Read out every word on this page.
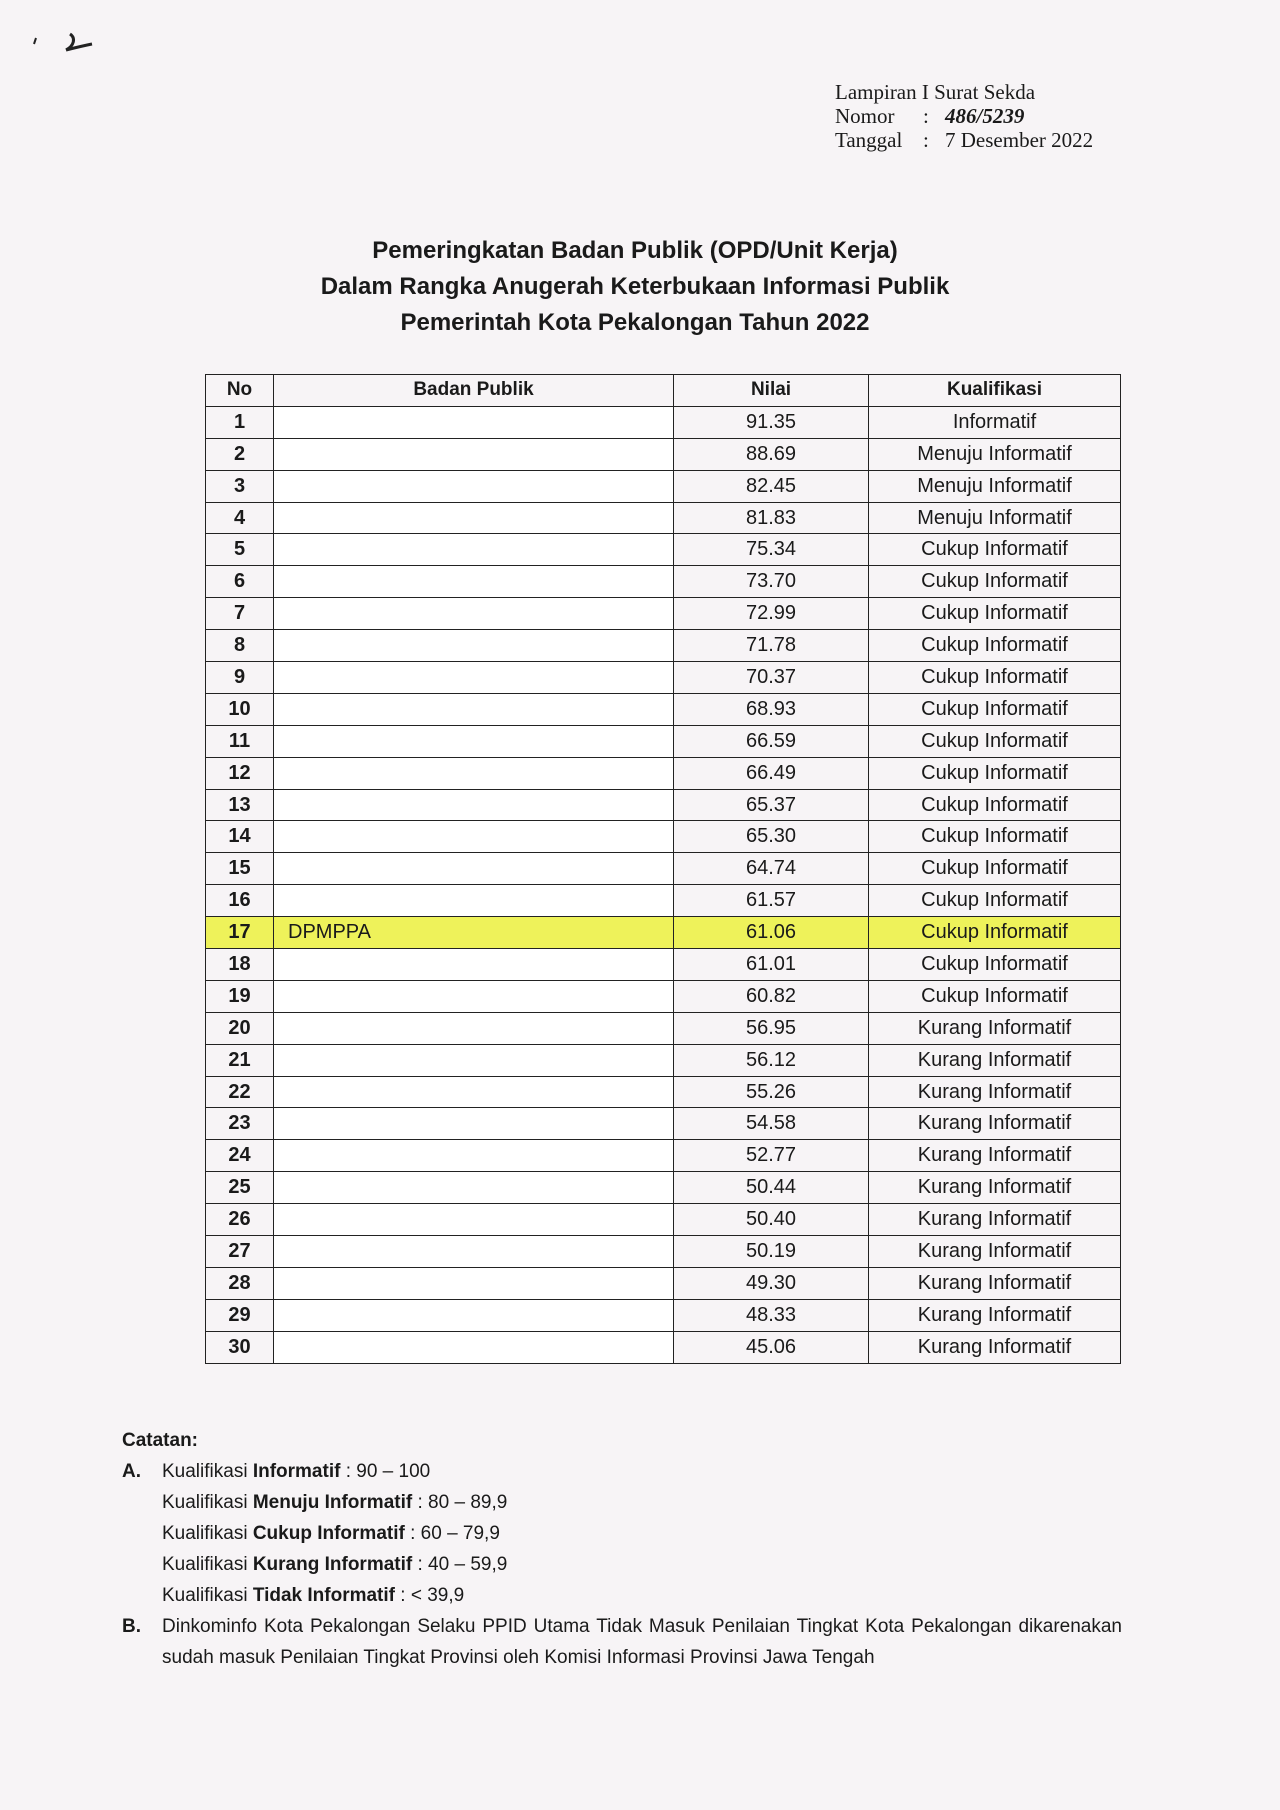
Lampiran I Surat Sekda
Nomor	: 486/5239
Tanggal : 7 Desember 2022
Pemeringkatan Badan Publik (OPD/Unit Kerja)
Dalam Rangka Anugerah Keterbukaan Informasi Publik
Pemerintah Kota Pekalongan Tahun 2022
No	Badan Publik	Nilai	Kualifikasi
1		91.35	Informatif
2		88.69	Menuju Informatif
3		82.45	Menuju Informatif
4		81.83	Menuju Informatif
5		75.34	Cukup Informatif
6		73.70	Cukup Informatif
7		72.99	Cukup Informatif
8		71.78	Cukup Informatif
9		70.37	Cukup Informatif
10		68.93	Cukup Informatif
11		66.59	Cukup Informatif
12		66.49	Cukup Informatif
13		65.37	Cukup Informatif
14		65.30	Cukup Informatif
15		64.74	Cukup Informatif
16		61.57	Cukup Informatif
17	DPMPPA	61.06	Cukup Informatif
18		61.01	Cukup Informatif
19		60.82	Cukup Informatif
20		56.95	Kurang Informatif
21		56.12	Kurang Informatif
22		55.26	Kurang Informatif
23		54.58	Kurang Informatif
24		52.77	Kurang Informatif
25		50.44	Kurang Informatif
26		50.40	Kurang Informatif
27		50.19	Kurang Informatif
28		49.30	Kurang Informatif
29		48.33	Kurang Informatif
30		45.06	Kurang Informatif
Catatan:
A.	Kualifikasi Informatif : 90 – 100
Kualifikasi Menuju Informatif : 80 – 89,9
Kualifikasi Cukup Informatif : 60 – 79,9
Kualifikasi Kurang Informatif : 40 – 59,9
Kualifikasi Tidak Informatif : < 39,9
B.	Dinkominfo Kota Pekalongan Selaku PPID Utama Tidak Masuk Penilaian Tingkat Kota Pekalongan dikarenakan sudah masuk Penilaian Tingkat Provinsi oleh Komisi Informasi Provinsi Jawa Tengah
